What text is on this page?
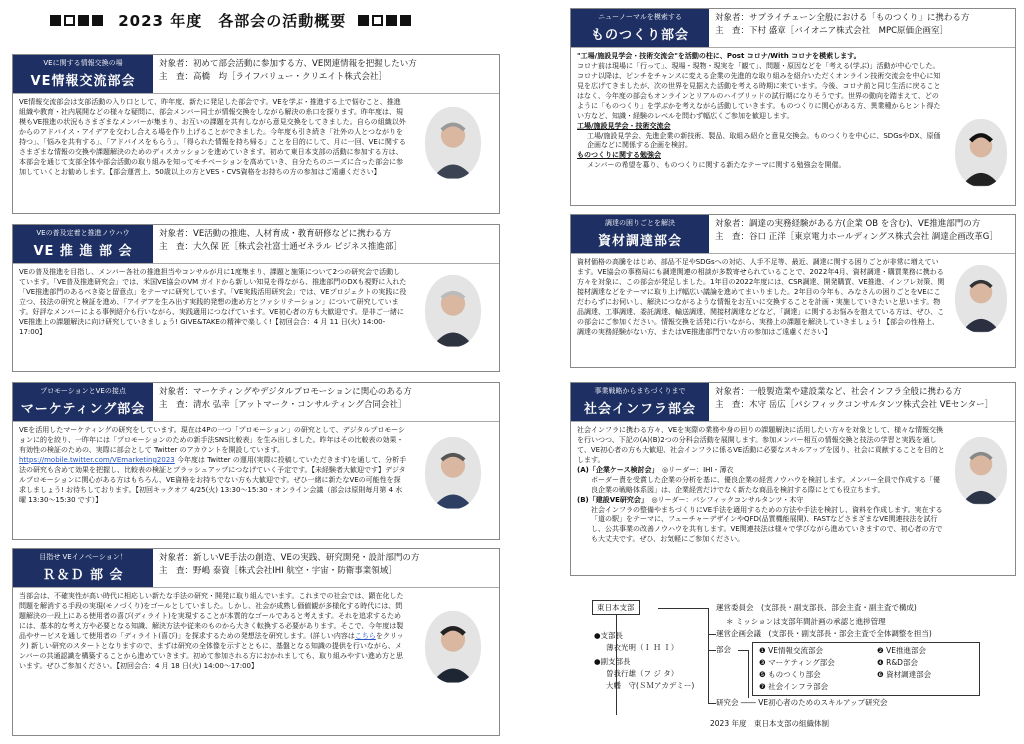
2023 年度　各部会の活動概要
VEに関する情報交換の場
VE情報交流部会
対象者：初めて部会活動に参加する方、VE関連情報を把握したい方
主　査：高橋　均［ライフバリュー・クリエイト株式会社］

VE情報交流部会は支部活動の入り口として、昨年度、新たに発足した部会です。VEを学ぶ・推進する上で悩むこと、推進組織や教育・社内展開などの様々な疑問に、部会メンバー同士が情報交換をしながら解決の糸口を探ります。昨年度は、規模もVE推進の状況もさまざまなメンバーが集まり、お互いの課題を共有しながら意見交換をしてきました。自らの組織以外からのアドバイス・アイデアを交わし合える場を作り上げることができました。今年度も引き続き「社外の人とつながりを持つ」、「悩みを共有する」、「アドバイスをもらう」、「得られた情報を持ち帰る」ことを目的にして、月に一回、VEに関するさまざまな情報の交換や課題解決のためのディスカッションを進めていきます。初めて東日本支部の活動に参加する方は、本部会を通じて支部全体や部会活動の取り組みを知ってモチベーションを高めていき、自分たちのニーズに合った部会に参加していくとお勧めします。【部会運営上、50歳以上の方とVES・CVS資格をお持ちの方の参加はご遠慮ください】

VEの普及定着と推進ノウハウ
VE 推 進 部 会
対象者：VE活動の推進、人材育成・教育研修などに携わる方
主　査：大久保 匠［株式会社富士通ゼネラル ビジネス推進部］

VEの普及推進を目指し、メンバー各社の推進担当やコンサルが月に1度集まり、課題と施策について2つの研究会で活動しています。「VE普及推進研究会」では、米国VE協会のVM ガイドから新しい知見を得ながら、推進部門のDXも視野に入れた「VE推進部門のあるべき姿と留意点」をテーマに研究しています。「VE実践活用研究会」では、VEプロジェクトの実践に役立つ、技法の研究と検証を進め、「アイデアを生み出す実践的発想の進め方とファシリテーション」について研究しています。好評なメンバーによる事例紹介も行いながら、実践適用につなげています。VE初心者の方も大歓迎です。是非ご一緒にVE推進上の課題解決に向け研究していきましょう! GIVE&TAKEの精神で楽しく!【初回会合：4 月 11 日(火) 14:00-17:00】

プロモーションとVEの接点
マーケティング部会
対象者：マーケティングやデジタルプロモーションに関心のある方
主　査：清水 弘幸［アットマーク・コンサルティング合同会社］

VEを活用したマーケティングの研究をしています。現在は4Pの一つ「プロモーション」の研究として、デジタルプロモーションに的を絞り、一昨年には「プロモーションのための新手法SNS比較表」を生み出しました。昨年はその比較表の効果・有効性の検証のための、実際に部会として Twitter のアカウントを開設しています。 https://mobile.twitter.com/VEmarketing2023 今年度は Twitter の運用(実際に投稿していただきます)を通して、分析手法の研究も含めて効果を把握し、比較表の検証とブラッシュアップにつなげていく予定です。【未経験者大歓迎です】デジタルプロモーションに関心がある方はもちろん、VE資格をお持ちでない方も大歓迎です。ぜひ一緒に新たなVEの可能性を探求しましょう! お待ちしております。【初回キックオフ 4/25(火) 13:30～15:30・オンライン会議（部会は原則毎月第 4 水曜 13:30～15:30 です）】

目指せ VEイノベーション！
Ｒ＆Ｄ 部 会
対象者：新しいVE手法の創造、VEの実践、研究開発・設計部門の方
主　査：野嶋 泰資［株式会社IHI 航空・宇宙・防衛事業領域］

当部会は、不確実性が高い時代に相応しい新たな手法の研究・開発に取り組んでいます。これまでの社会では、顕在化した問題を解消する手段の実現(モノづくり)をゴールとしていました。しかし、社会が成熟し価値観が多様化する時代には、問題解決の一段上にある使用者の喜び(ディライト)を実現することが本質的なゴールであると考えます。それを追求するためには、基本的な考え方や必要となる知識、解決方法や従来のものから大きく転換する必要があります。そこで、今年度は製品やサービスを通して使用者の「ディライト(喜び)」を探求するための発想法を研究します。(詳しい内容はこちらをクリック) 新しい研究のスタートとなりますので、まずは研究の全体像を示すとともに、基盤となる知識の提供を行いながら、メンバーの共通認識を構築することから進めていきます。初めて参加される方におかれましても、取り組みやすい進め方と思います。ぜひご参加ください。【初回会合：4 月 18 日(火) 14:00～17:00】

ニューノーマルを模索する
ものつくり部会
対象者：サプライチェーン全般における「ものつくり」に携わる方
主　査：下村 盛章［バイオニア株式会社　MPC原価企画室］

"工場/施設見学会・技術交流会"を活動の柱に、Post コロナ/With コロナを模索します。

コロナ前は現場に「行って」、現場・現物・現実を「観て」、問題・原因などを「考える(学ぶ)」活動が中心でした。コロナ以降は、ピンチをチャンスに変える企業の先進的な取り組みを紹介いただくオンライン技術交流会を中心に知見を広げてきましたが、次の世界を見据えた活動を考える時期に来ています。今後、コロナ前と同じ生活に戻ることはなく、今年度の部会もオンラインとリアルのハイブリッドの試行期になりそうです。世界の動向を踏まえて、どのように「ものつくり」を学ぶかを考えながら活動していきます。ものつくりに関心がある方、異業種からヒント得たい方など、知識・経験のレベルを問わず幅広くご参加を歓迎します。

工場/施設見学会・技術交流会

工場/施設見学会、先進企業の新技術、製品、取組み紹介と意見交換会。ものつくりを中心に、SDGsやDX、原価企画などに関係する企画を検討。

ものつくりに関する勉強会

メンバーの希望を募り、ものつくりに関する新たなテーマに関する勉強会を開催。

調達の困りごとを解決
資材調達部会
対象者：調達の実務経験がある方(企業 OB を含む)、VE推進部門の方
主　査：谷口 正洋［東京電力ホールディングス株式会社 調達企画改革G］

資材価格の高騰をはじめ、部品不足やSDGsへの対応、人手不足等、最近、調達に関する困りごとが非常に増えています。VE協会の事務局にも調達関連の相談が多数寄せられていることで、2022年4月、資材調達・購買業務に携わる方々を対象に、この部会が発足しました。1年目の2022年度には、CSR調達、開発購買、VE推進、インフレ対策、関接材調達などをテーマに取り上げ幅広い議論を進めてまいりました。2年目の今年も、みなさんの困りごとをVEにこだわらずにお伺いし、解決につながるような情報をお互いに交換することを計画・実施していきたいと思います。物品調達、工事調達、委託調達、輸送調達、関接材調達などなど、「調達」に関するお悩みを抱えている方は、ぜひ、この部会にご参加ください。情報交換を活発に行いながら、実務上の課題を解決していきましょう! 【部会の性格上、調達の実務経験がない方、またはVE推進部門でない方の参加はご遠慮ください】

事業戦略からまちづくりまで
社会インフラ部会
対象者：一般製造業や建設業など、社会インフラ全般に携わる方
主　査：木守 岳広［パシフィックコンサルタンツ株式会社 VEセンター］

社会インフラに携わる方々、VEを実際の業務や身の回りの課題解決に活用したい方々を対象として、様々な情報交換を行いつつ、下記の(A)(B)2つの分科会活動を展開します。参加メンバー相互の情報交換と技法の学習と実践を通して、VE初心者の方も大歓迎、社会インフラに係るVE活動に必要なスキルアップを図り、社会に貢献することを目的とします。

(A)「企業ケース検討会」　 ◎リーダー：IHI・薄衣

ボーダー責を受賞した企業の分析を基に、優良企業の経営ノウハウを検討します。メンバー全員で作成する「優良企業の戦略体系図」は、企業経営だけでなく新たな商品を検討する際にとても役立ちます。

(B)「建設VE研究会」　 ◎リーダー：パシフィックコンサルタンツ・木守

社会インフラの整備やまちづくりにVE手法を適用するための方法や手法を検討し、資料を作成します。実在する「道の駅」をテーマに、フューチャーデザインやQFD(品質機能展開)、FASTなどさまざまなVE関連技法を試行し、公共事業の改善ノウハウを共有します。VE関連技法は様々で学びながら進めていきますので、初心者の方でも大丈夫です。ぜひ、お気軽にご参加ください。

東日本支部	運営委員会　(支部長・副支部長、部会主査・副主査で構成)
＊ ミッションは支部年間計画の承認と進捗管理
運営企画会議　(支部長・副支部長・部会主査で全体調整を担当)
部会	❶ VE情報交流部会	❷ VE推進部会
❸ マーケティング部会	❹ R&D部会
❺ ものつくり部会	❻ 資材調達部会
❼ 社会インフラ部会
研究会 ―― VE初心者のためのスキルアップ研究会
●支部長
薄衣光明（Ｉ Ｈ Ｉ）
●副支部長
曽我行雄（フ ジ タ）
大幡　守(ＳＭアカデミー)
2023 年度　東日本支部の組織体制
